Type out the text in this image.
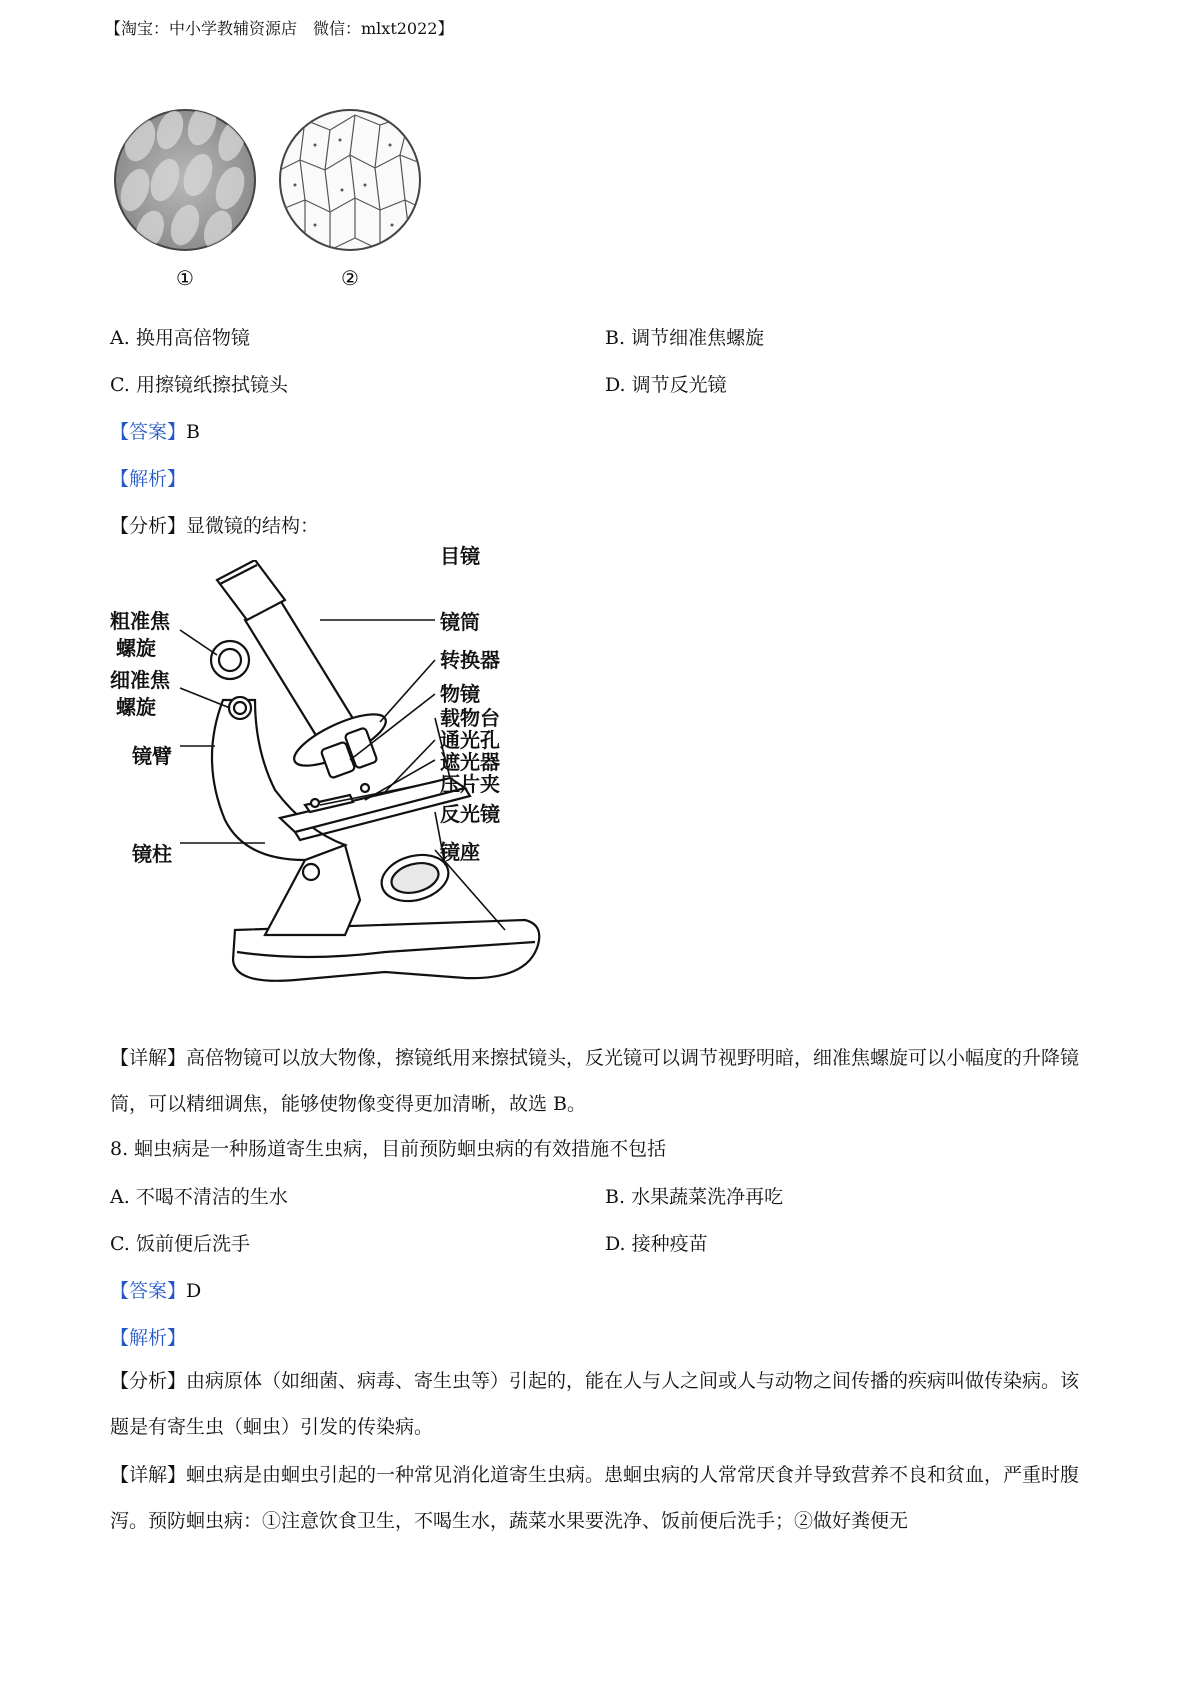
【淘宝：中小学教辅资源店　微信：mlxt2022】
①	②
A. 换用高倍物镜	B. 调节细准焦螺旋
C. 用擦镜纸擦拭镜头	D. 调节反光镜
【答案】B
【解析】
【分析】显微镜的结构：
目镜
镜筒
转换器
物镜
载物台
通光孔
遮光器
压片夹
反光镜
镜座
粗准焦
螺旋
细准焦
螺旋
镜臂
镜柱
【详解】高倍物镜可以放大物像，擦镜纸用来擦拭镜头，反光镜可以调节视野明暗，细准焦螺旋可以小幅度的升降镜筒，可以精细调焦，能够使物像变得更加清晰，故选 B。
8. 蛔虫病是一种肠道寄生虫病，目前预防蛔虫病的有效措施不包括
A. 不喝不清洁的生水	B. 水果蔬菜洗净再吃
C. 饭前便后洗手	D. 接种疫苗
【答案】D
【解析】
【分析】由病原体（如细菌、病毒、寄生虫等）引起的，能在人与人之间或人与动物之间传播的疾病叫做传染病。该题是有寄生虫（蛔虫）引发的传染病。
【详解】蛔虫病是由蛔虫引起的一种常见消化道寄生虫病。患蛔虫病的人常常厌食并导致营养不良和贫血，严重时腹泻。预防蛔虫病：①注意饮食卫生，不喝生水，蔬菜水果要洗净、饭前便后洗手；②做好粪便无
